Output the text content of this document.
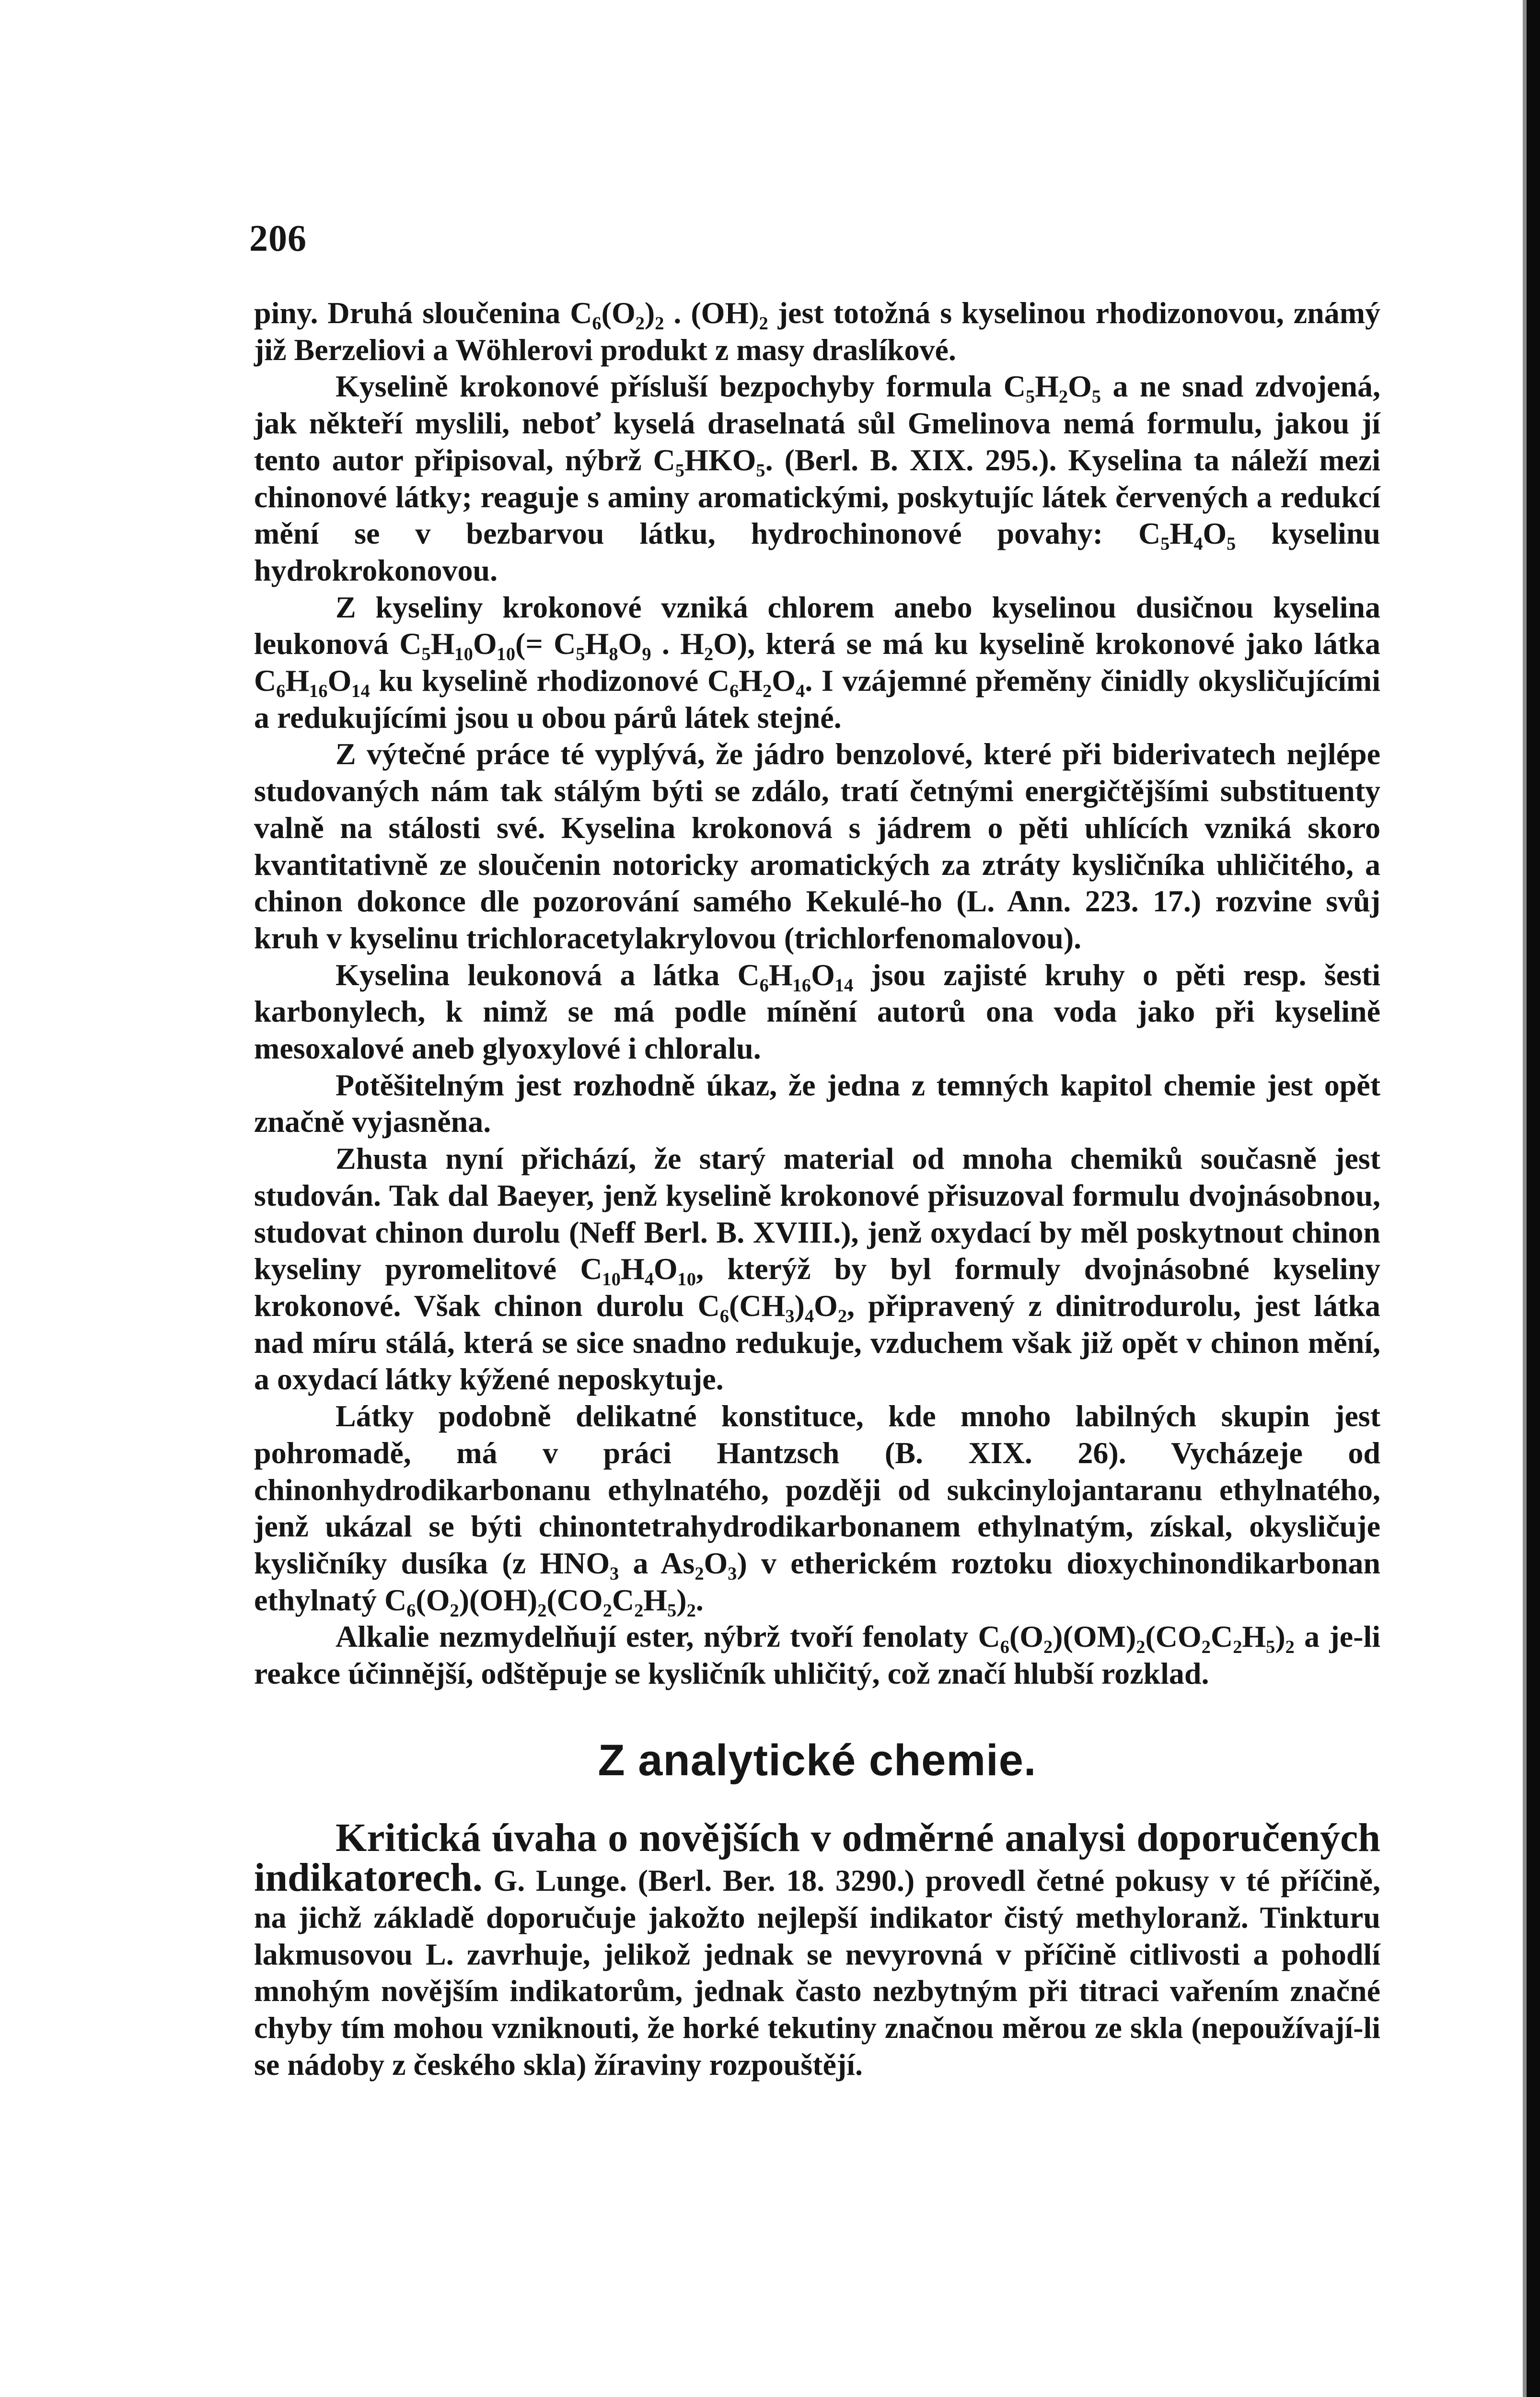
206

piny. Druhá sloučenina C₆(O₂)₂ . (OH)₂ jest totožná s kyselinou rhodizonovou, známý již Berzeliovi a Wöhlerovi produkt z masy draslíkové.

Kyselině krokonové přísluší bezpochyby formula C₅H₂O₅ a ne snad zdvojená, jak někteří myslili, neboť kyselá draselnatá sůl Gmelinova nemá formulu, jakou jí tento autor připisoval, nýbrž C₅HKO₅. (Berl. B. XIX. 295.). Kyselina ta náleží mezi chinonové látky; reaguje s aminy aromatickými, poskytujíc látek červených a redukcí mění se v bezbarvou látku, hydrochinonové povahy: C₅H₄O₅ kyselinu hydrokrokonovou.

Z kyseliny krokonové vzniká chlorem anebo kyselinou dusičnou kyselina leukonová C₅H₁₀O₁₀(= C₅H₈O₉ . H₂O), která se má ku kyselině krokonové jako látka C₆H₁₆O₁₄ ku kyselině rhodizonové C₆H₂O₄. I vzájemné přeměny činidly okysličujícími a redukujícími jsou u obou párů látek stejné.

Z výtečné práce té vyplývá, že jádro benzolové, které při biderivatech nejlépe studovaných nám tak stálým býti se zdálo, tratí četnými energičtějšími substituenty valně na stálosti své. Kyselina krokonová s jádrem o pěti uhlících vzniká skoro kvantitativně ze sloučenin notoricky aromatických za ztráty kysličníka uhličitého, a chinon dokonce dle pozorování samého Kekulé-ho (L. Ann. 223. 17.) rozvine svůj kruh v kyselinu trichloracetylakrylovou (trichlorfenomalovou).

Kyselina leukonová a látka C₆H₁₆O₁₄ jsou zajisté kruhy o pěti resp. šesti karbonylech, k nimž se má podle mínění autorů ona voda jako při kyselině mesoxalové aneb glyoxylové i chloralu.

Potěšitelným jest rozhodně úkaz, že jedna z temných kapitol chemie jest opět značně vyjasněna.

Zhusta nyní přichází, že starý material od mnoha chemiků současně jest studován. Tak dal Baeyer, jenž kyselině krokonové přisuzoval formulu dvojnásobnou, studovat chinon durolu (Neff Berl. B. XVIII.), jenž oxydací by měl poskytnout chinon kyseliny pyromelitové C₁₀H₄O₁₀, kterýž by byl formuly dvojnásobné kyseliny krokonové. Však chinon durolu C₆(CH₃)₄O₂, připravený z dinitrodurolu, jest látka nad míru stálá, která se sice snadno redukuje, vzduchem však již opět v chinon mění, a oxydací látky kýžené neposkytuje.

Látky podobně delikatné konstituce, kde mnoho labilných skupin jest pohromadě, má v práci Hantzsch (B. XIX. 26). Vycházeje od chinonhydrodikarbonanu ethylnatého, později od sukcinylojantaranu ethylnatého, jenž ukázal se býti chinontetrahydrodikarbonanem ethylnatým, získal, okysličuje kysličníky dusíka (z HNO₃ a As₂O₃) v etherickém roztoku dioxychinondikarbonan ethylnatý C₆(O₂)(OH)₂(CO₂C₂H₅)₂.

Alkalie nezmydelňují ester, nýbrž tvoří fenolaty C₆(O₂)(OM)₂(CO₂C₂H₅)₂ a je-li reakce účinnější, odštěpuje se kysličník uhličitý, což značí hlubší rozklad.

Z analytické chemie.

Kritická úvaha o novějších v odměrné analysi doporučených indikatorech. G. Lunge. (Berl. Ber. 18. 3290.) provedl četné pokusy v té příčině, na jichž základě doporučuje jakožto nejlepší indikator čistý methyloranž. Tinkturu lakmusovou L. zavrhuje, jelikož jednak se nevyrovná v příčině citlivosti a pohodlí mnohým novějším indikatorům, jednak často nezbytným při titraci vařením značné chyby tím mohou vzniknouti, že horké tekutiny značnou měrou ze skla (nepoužívají-li se nádoby z českého skla) žíraviny rozpouštějí.
